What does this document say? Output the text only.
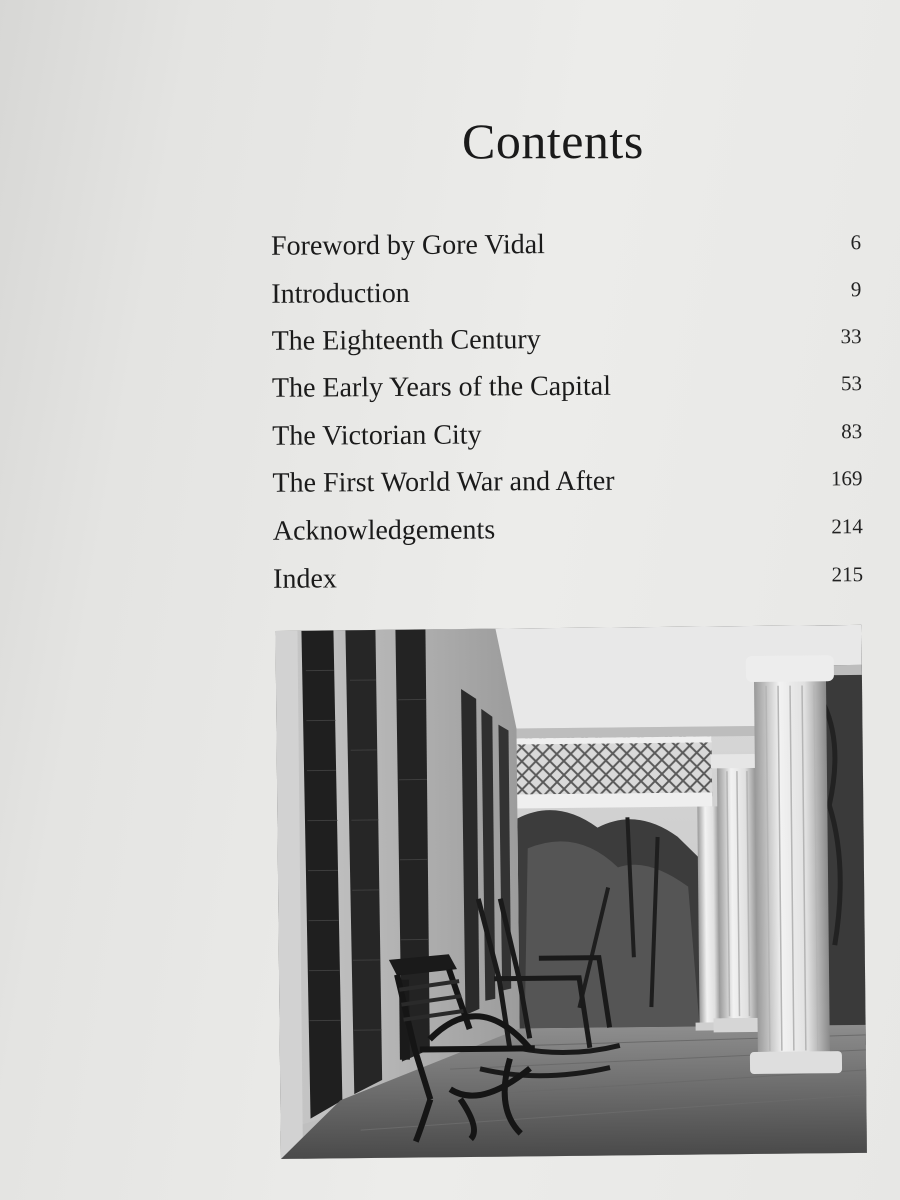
Contents
Foreword by Gore Vidal	6
Introduction	9
The Eighteenth Century	33
The Early Years of the Capital	53
The Victorian City	83
The First World War and After	169
Acknowledgements	214
Index	215
